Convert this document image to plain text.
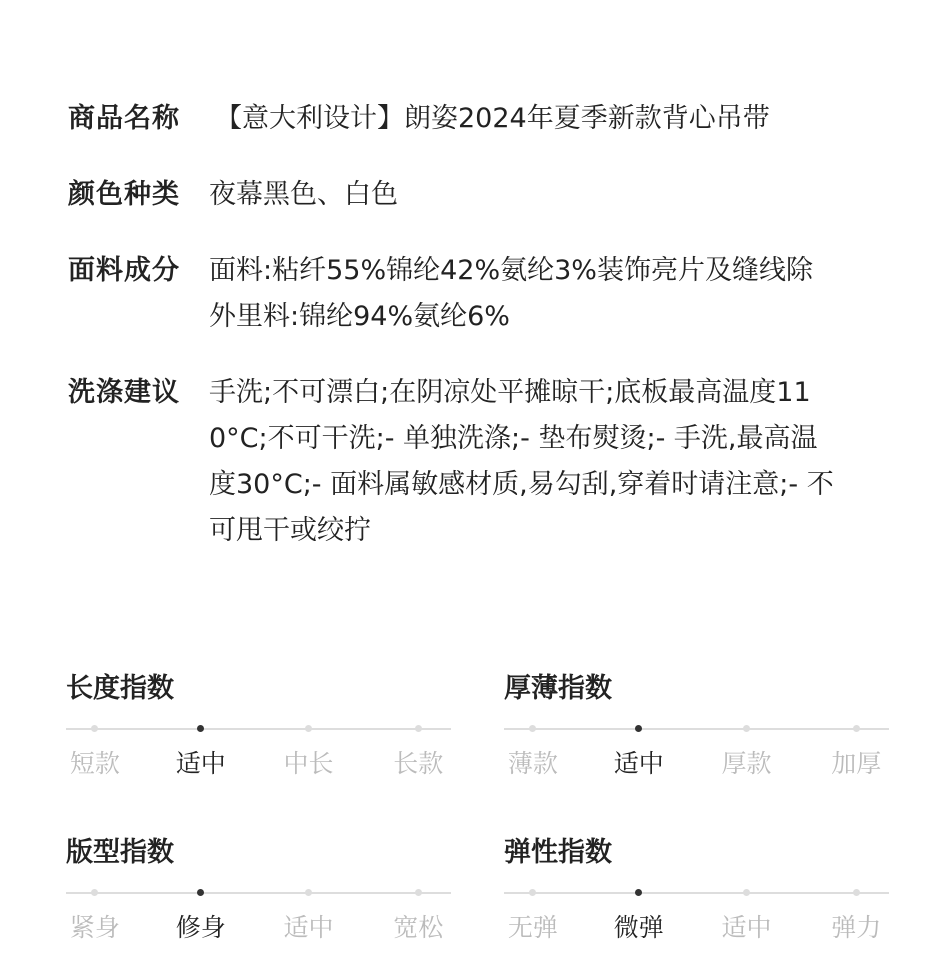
商品名称	【意大利设计】朗姿2024年夏季新款背心吊带
颜色种类	夜幕黑色、白色
面料成分	面料:粘纤55%锦纶42%氨纶3%装饰亮片及缝线除
外里料:锦纶94%氨纶6%
洗涤建议	手洗;不可漂白;在阴凉处平摊晾干;底板最高温度11
0°C;不可干洗;- 单独洗涤;- 垫布熨烫;- 手洗,最高温
度30°C;- 面料属敏感材质,易勾刮,穿着时请注意;- 不
可甩干或绞拧
长度指数
短款 适中 中长 长款
厚薄指数
薄款 适中 厚款 加厚
版型指数
紧身 修身 适中 宽松
弹性指数
无弹 微弹 适中 弹力
